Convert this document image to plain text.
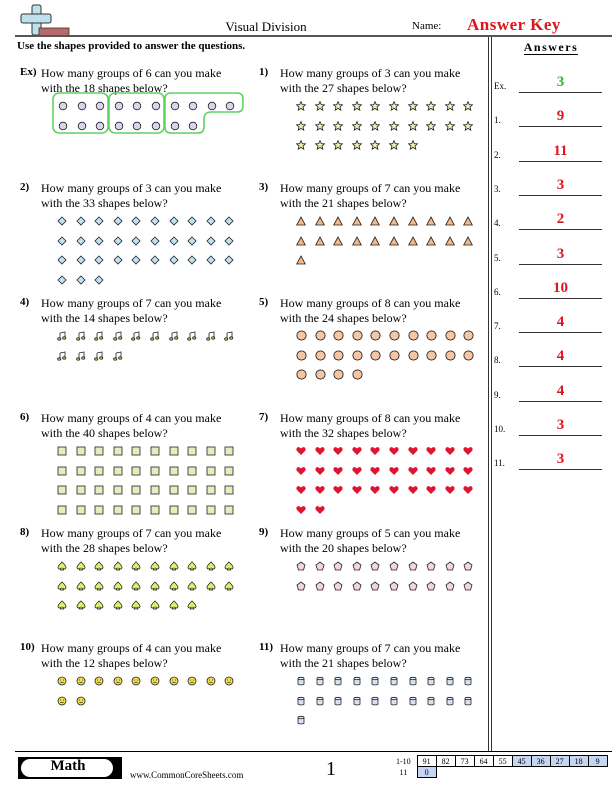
Visual Division	Name: Answer Key
Use the shapes provided to answer the questions.	Answers
Ex) How many groups of 6 can you make
with the 18 shapes below?
1) How many groups of 3 can you make
with the 27 shapes below?
2) How many groups of 3 can you make
with the 33 shapes below?
3) How many groups of 7 can you make
with the 21 shapes below?
4) How many groups of 7 can you make
with the 14 shapes below?
5) How many groups of 8 can you make
with the 24 shapes below?
6) How many groups of 4 can you make
with the 40 shapes below?
7) How many groups of 8 can you make
with the 32 shapes below?
8) How many groups of 7 can you make
with the 28 shapes below?
9) How many groups of 5 can you make
with the 20 shapes below?
10) How many groups of 4 can you make
with the 12 shapes below?
11) How many groups of 7 can you make
with the 21 shapes below?
Ex.	3
1.	9
2.	11
3.	3
4.	2
5.	3
6.	10
7.	4
8.	4
9.	4
10.	3
11.	3
Math
www.CommonCoreSheets.com	1	1-10	91	82	73	64	55	45	36	27	18	9
11	0									
